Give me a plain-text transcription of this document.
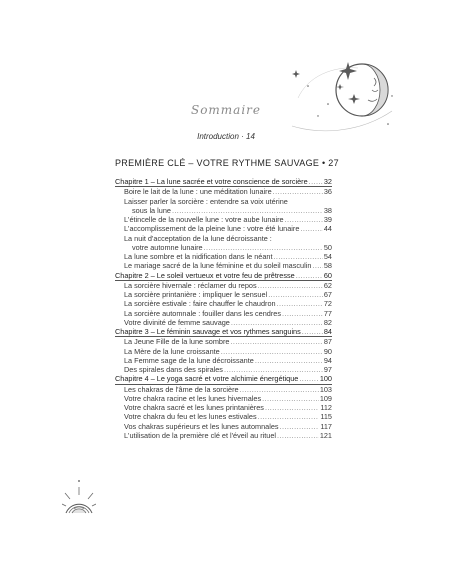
Sommaire
Introduction · 14
PREMIÈRE CLÉ – VOTRE RYTHME SAUVAGE • 27
Chapitre 1 – La lune sacrée et votre conscience de sorcière ..... 32
Boire le lait de la lune : une méditation lunaire .....	36
Laisser parler la sorcière : entendre sa voix utérine
sous la lune .....	38
L'étincelle de la nouvelle lune : votre aube lunaire .....	39
L'accomplissement de la pleine lune : votre été lunaire .....	44
La nuit d'acceptation de la lune décroissante :
votre automne lunaire .....	50
La lune sombre et la nidification dans le néant .....	54
Le mariage sacré de la lune féminine et du soleil masculin ..... 58
Chapitre 2 – Le soleil vertueux et votre feu de prêtresse .....	60
La sorcière hivernale : réclamer du repos .....	62
La sorcière printanière : impliquer le sensuel .....	67
La sorcière estivale : faire chauffer le chaudron .....	72
La sorcière automnale : fouiller dans les cendres .....	77
Votre divinité de femme sauvage .....	82
Chapitre 3 – Le féminin sauvage et vos rythmes sanguins .....	84
La Jeune Fille de la lune sombre .....	87
La Mère de la lune croissante .....	90
La Femme sage de la lune décroissante .....	94
Des spirales dans des spirales .....	97
Chapitre 4 – Le yoga sacré et votre alchimie énergétique .....	100
Les chakras de l'âme de la sorcière .....	103
Votre chakra racine et les lunes hivernales .....	109
Votre chakra sacré et les lunes printanières .....	112
Votre chakra du feu et les lunes estivales .....	115
Vos chakras supérieurs et les lunes automnales .....	117
L'utilisation de la première clé et l'éveil au rituel .....	121
